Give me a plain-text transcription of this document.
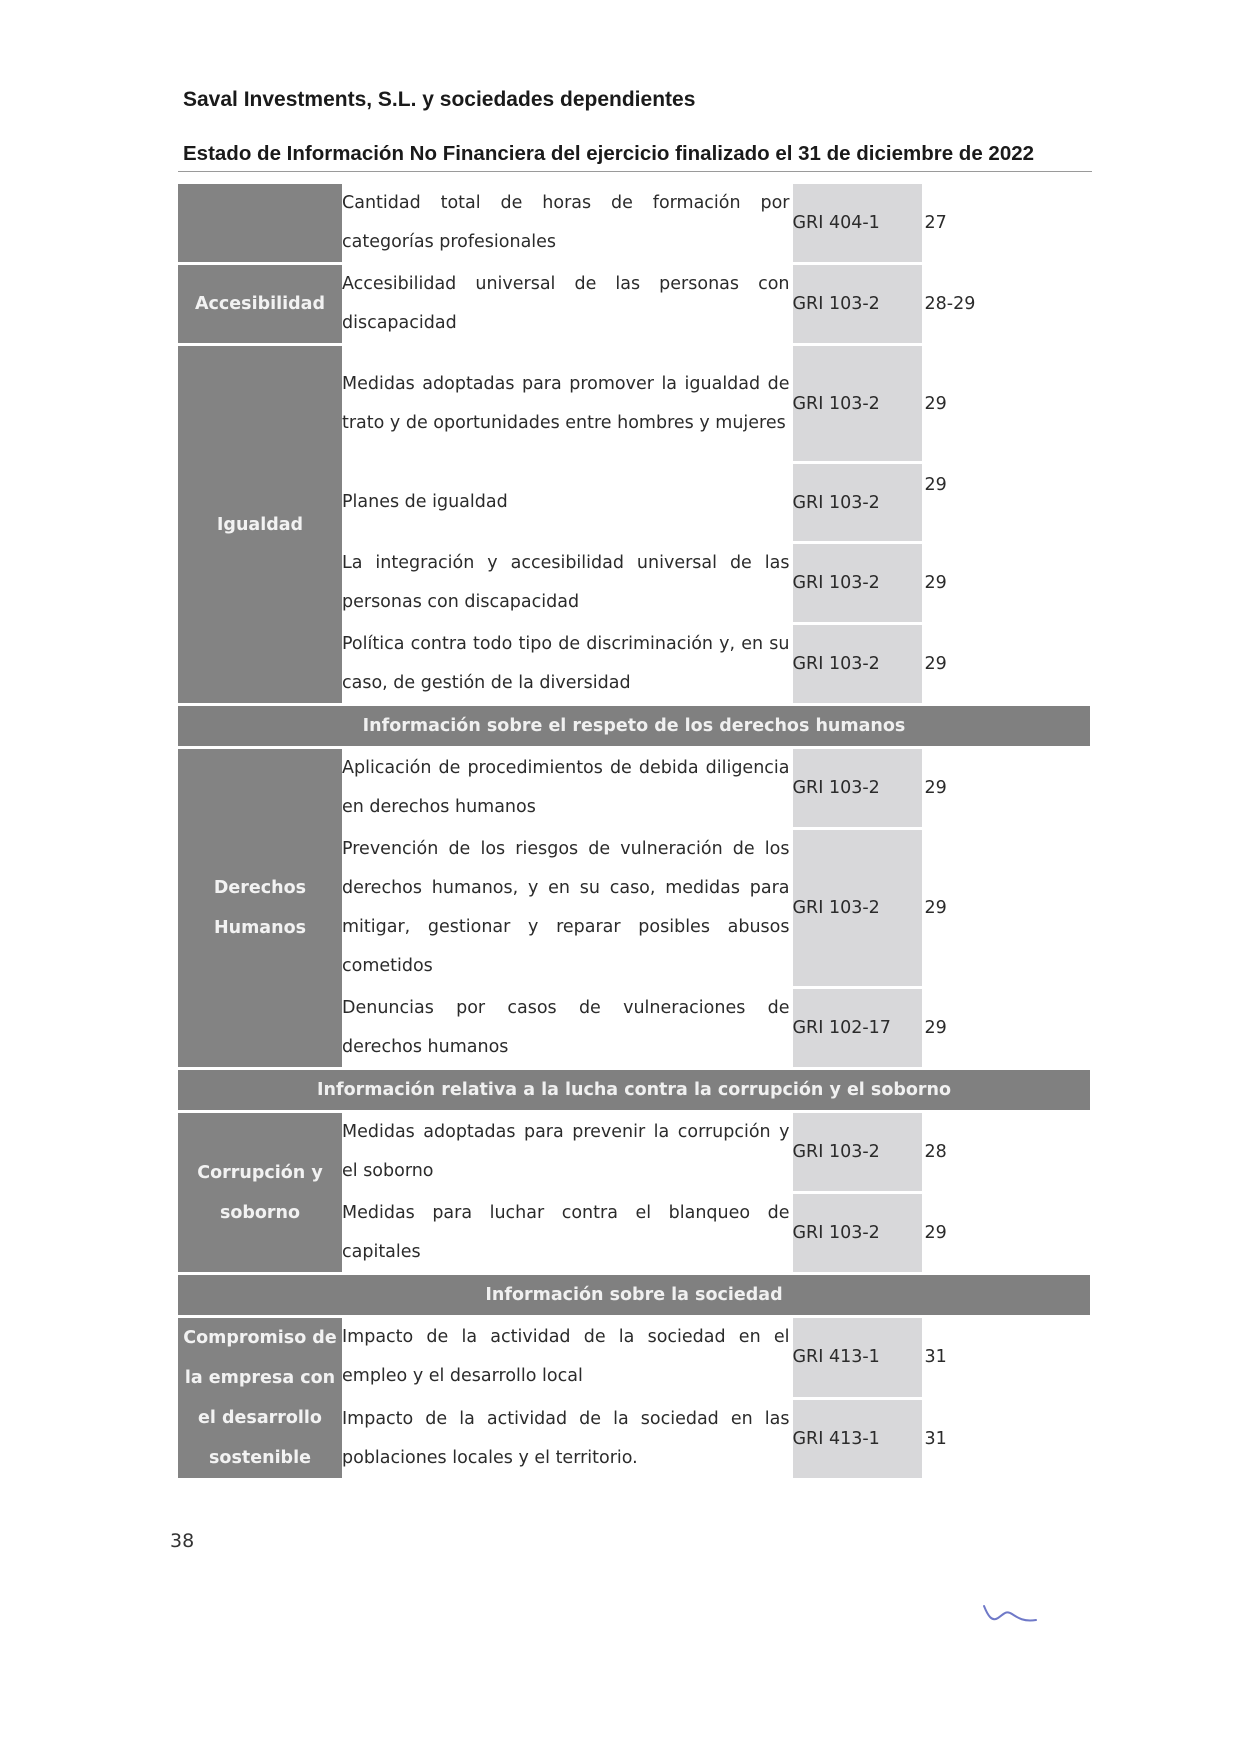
Saval Investments, S.L. y sociedades dependientes
Estado de Información No Financiera del ejercicio finalizado el 31 de diciembre de 2022
	Cantidad total de horas de formación por categorías profesionales	GRI 404-1	27
Accesibilidad	Accesibilidad universal de las personas con discapacidad	GRI 103-2	28-29
Igualdad	Medidas adoptadas para promover la igualdad de trato y de oportunidades entre hombres y mujeres	GRI 103-2	29
	Planes de igualdad	GRI 103-2	29

	La integración y accesibilidad universal de las personas con discapacidad	GRI 103-2	29
	Política contra todo tipo de discriminación y, en su caso, de gestión de la diversidad	GRI 103-2	29
Información sobre el respeto de los derechos humanos			
Derechos Humanos	Aplicación de procedimientos de debida diligencia en derechos humanos	GRI 103-2	29
	Prevención de los riesgos de vulneración de los derechos humanos, y en su caso, medidas para mitigar, gestionar y reparar posibles abusos cometidos	GRI 103-2	29
	Denuncias por casos de vulneraciones de derechos humanos	GRI 102-17	29
Información relativa a la lucha contra la corrupción y el soborno			
Corrupción y soborno	Medidas adoptadas para prevenir la corrupción y el soborno	GRI 103-2	28
	Medidas para luchar contra el blanqueo de capitales	GRI 103-2	29
Información sobre la sociedad			
Compromiso de la empresa con el desarrollo sostenible	Impacto de la actividad de la sociedad en el empleo y el desarrollo local	GRI 413-1	31
	Impacto de la actividad de la sociedad en las poblaciones locales y el territorio.	GRI 413-1	31
38
